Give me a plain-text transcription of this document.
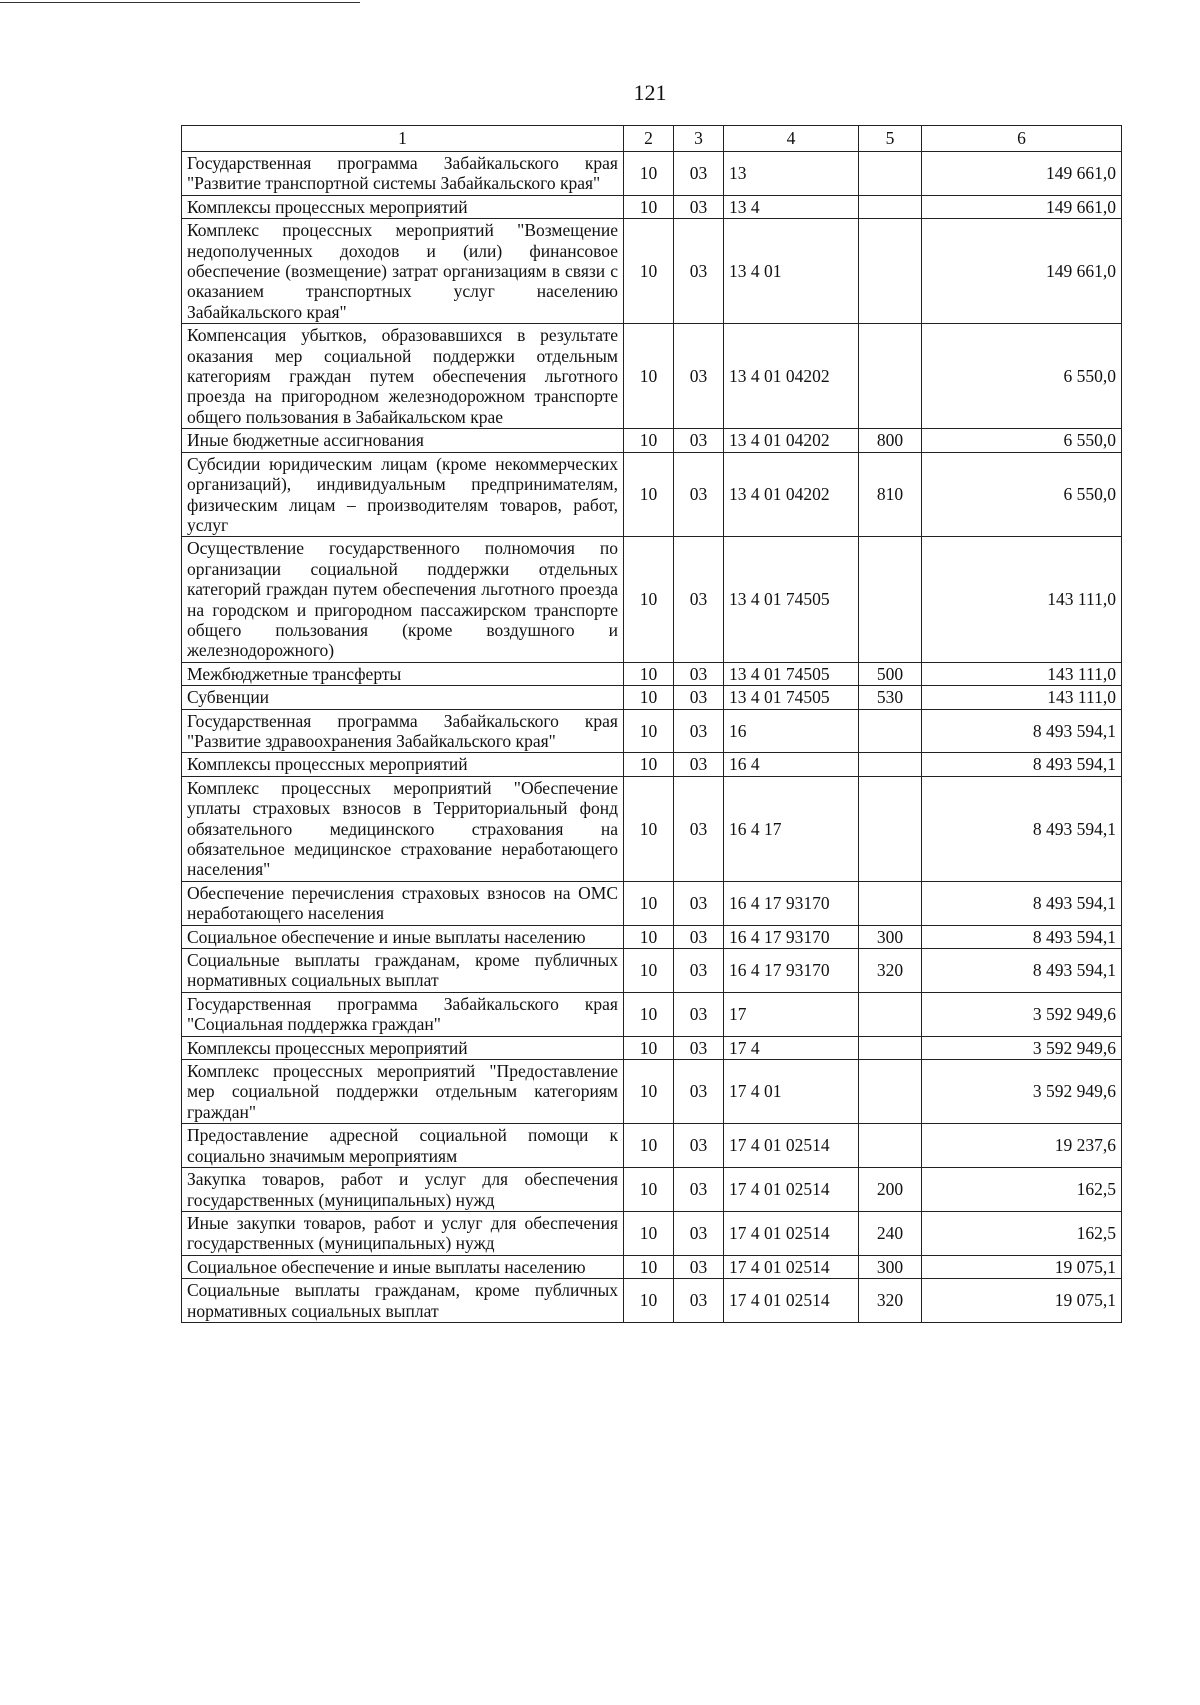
121
1	2	3	4	5	6
Государственная программа Забайкальского края "Развитие транспортной системы Забайкальского края"	10	03	13		149 661,0
Комплексы процессных мероприятий	10	03	13 4		149 661,0
Комплекс процессных мероприятий "Возмещение недополученных доходов и (или) финансовое обеспечение (возмещение) затрат организациям в связи с оказанием транспортных услуг населению Забайкальского края"	10	03	13 4 01		149 661,0
Компенсация убытков, образовавшихся в результате оказания мер социальной поддержки отдельным категориям граждан путем обеспечения льготного проезда на пригородном железнодорожном транспорте общего пользования в Забайкальском крае	10	03	13 4 01 04202		6 550,0
Иные бюджетные ассигнования	10	03	13 4 01 04202	800	6 550,0
Субсидии юридическим лицам (кроме некоммерческих организаций), индивидуальным предпринимателям, физическим лицам – производителям товаров, работ, услуг	10	03	13 4 01 04202	810	6 550,0
Осуществление государственного полномочия по организации социальной поддержки отдельных категорий граждан путем обеспечения льготного проезда на городском и пригородном пассажирском транспорте общего пользования (кроме воздушного и железнодорожного)	10	03	13 4 01 74505		143 111,0
Межбюджетные трансферты	10	03	13 4 01 74505	500	143 111,0
Субвенции	10	03	13 4 01 74505	530	143 111,0
Государственная программа Забайкальского края "Развитие здравоохранения Забайкальского края"	10	03	16		8 493 594,1
Комплексы процессных мероприятий	10	03	16 4		8 493 594,1
Комплекс процессных мероприятий "Обеспечение уплаты страховых взносов в Территориальный фонд обязательного медицинского страхования на обязательное медицинское страхование неработающего населения"	10	03	16 4 17		8 493 594,1
Обеспечение перечисления страховых взносов на ОМС неработающего населения	10	03	16 4 17 93170		8 493 594,1
Социальное обеспечение и иные выплаты населению	10	03	16 4 17 93170	300	8 493 594,1
Социальные выплаты гражданам, кроме публичных нормативных социальных выплат	10	03	16 4 17 93170	320	8 493 594,1
Государственная программа Забайкальского края "Социальная поддержка граждан"	10	03	17		3 592 949,6
Комплексы процессных мероприятий	10	03	17 4		3 592 949,6
Комплекс процессных мероприятий "Предоставление мер социальной поддержки отдельным категориям граждан"	10	03	17 4 01		3 592 949,6
Предоставление адресной социальной помощи к социально значимым мероприятиям	10	03	17 4 01 02514		19 237,6
Закупка товаров, работ и услуг для обеспечения государственных (муниципальных) нужд	10	03	17 4 01 02514	200	162,5
Иные закупки товаров, работ и услуг для обеспечения государственных (муниципальных) нужд	10	03	17 4 01 02514	240	162,5
Социальное обеспечение и иные выплаты населению	10	03	17 4 01 02514	300	19 075,1
Социальные выплаты гражданам, кроме публичных нормативных социальных выплат	10	03	17 4 01 02514	320	19 075,1
